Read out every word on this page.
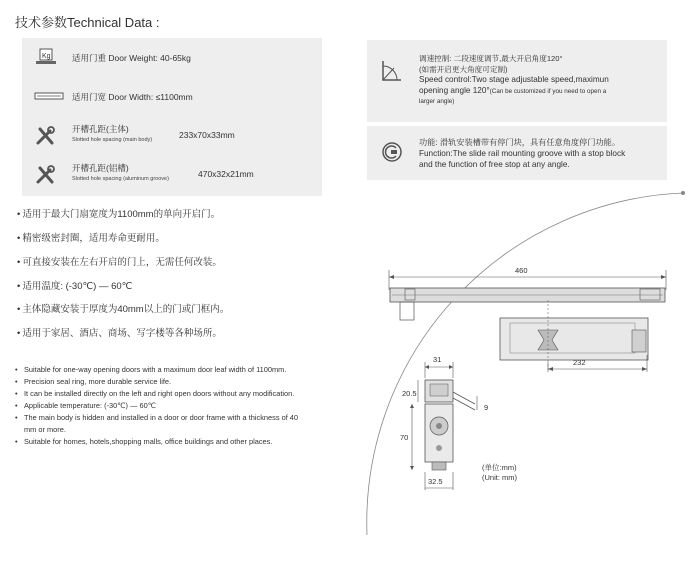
技术参数Technical Data :
Kg	适用门重 Door Weight: 40-65kg
适用门宽 Door Width: ≤1100mm
开槽孔距(主体)
Slotted hole spacing (main body)	233x70x33mm
开槽孔距(铝槽)
Slotted hole spacing (aluminum groove)	470x32x21mm
• 适用于最大门扇宽度为1100mm的单向开启门。
• 精密级密封圈，适用寿命更耐用。
• 可直接安装在左右开启的门上，无需任何改装。
• 适用温度: (-30℃) — 60℃
• 主体隐藏安装于厚度为40mm以上的门或门框内。
• 适用于家居、酒店、商场、写字楼等各种场所。
• Suitable for one-way opening doors with a maximum door leaf width of 1100mm.
• Precision seal ring, more durable service life.
• It can be installed directly on the left and right open doors without any modification.
• Applicable temperature: (-30℃) — 60℃
• The main body is hidden and installed in a door or door frame with a thickness of 40 mm or more.
• Suitable for homes, hotels,shopping malls, office buildings and other places.
调速控制: 二段速度调节,最大开启角度120°
(如需开启更大角度可定制)
Speed control:Two stage adjustable speed,maximun
opening angle 120°(Can be customized if you need to open a
larger angle)
功能: 滑轨安装槽带有停门块，具有任意角度停门功能。
Function:The slide rail mounting groove with a stop block
and the function of free stop at any angle.
460
232
31
9
20.5
70
32.5
(单位:mm)
(Unit: mm)
